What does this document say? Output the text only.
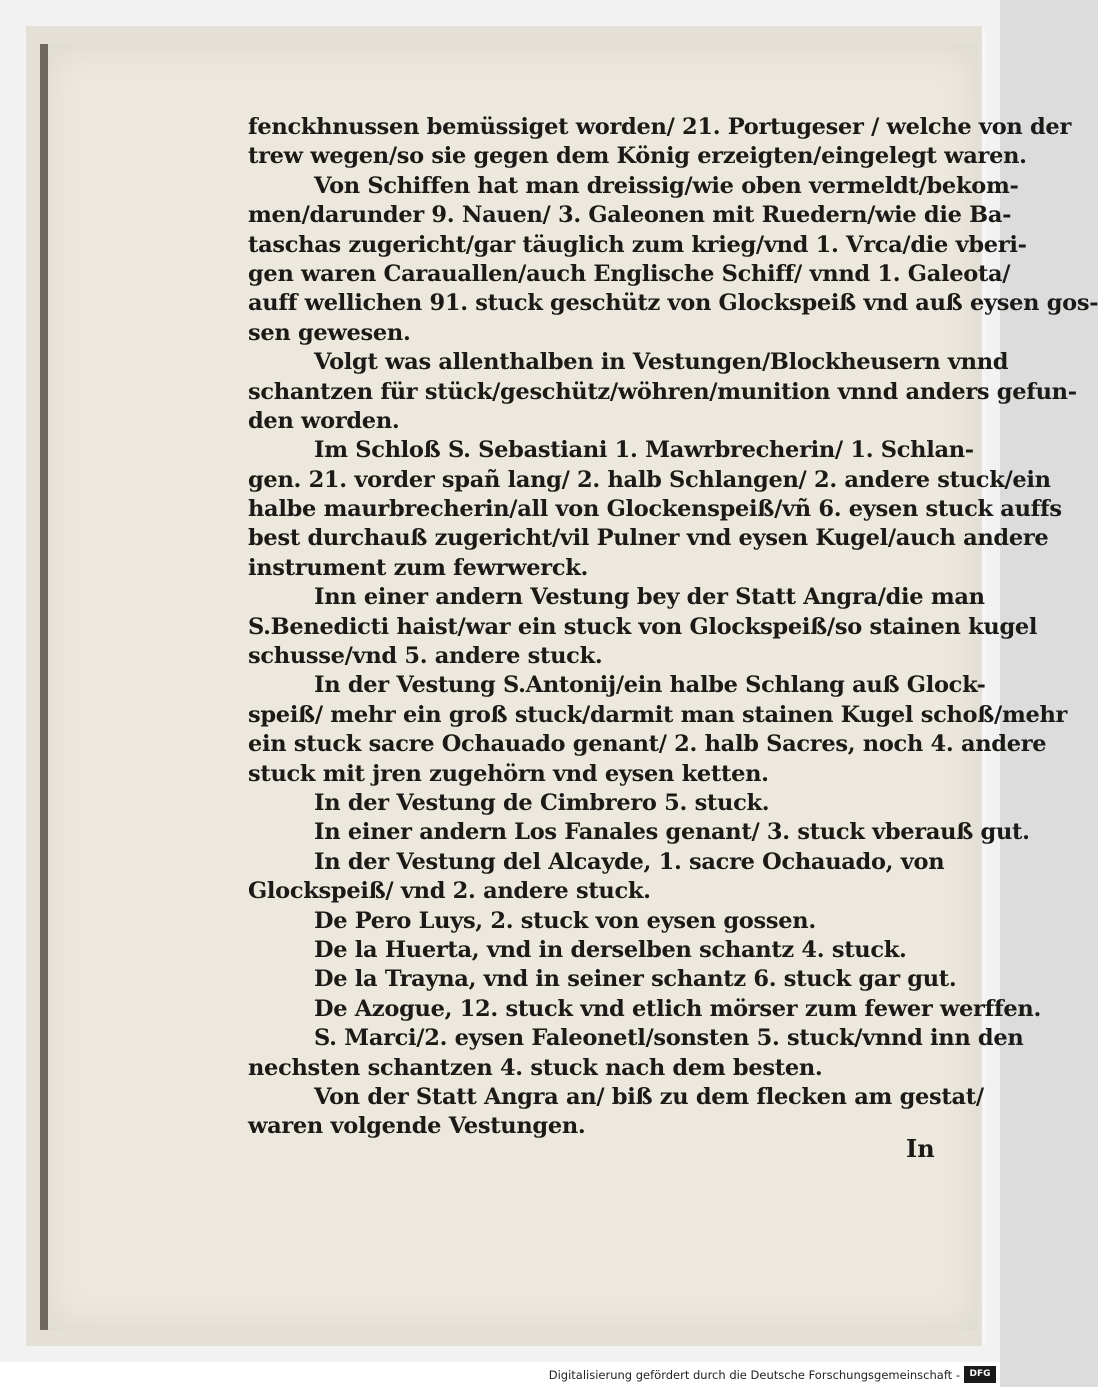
fenckhnussen bemüssiget worden/ 21. Portugeser / welche von der
trew wegen/so sie gegen dem König erzeigten/eingelegt waren.
Von Schiffen hat man dreissig/wie oben vermeldt/bekom-
men/darunder 9. Nauen/ 3. Galeonen mit Ruedern/wie die Ba-
taschas zugericht/gar täuglich zum krieg/vnd 1. Vrca/die vberi-
gen waren Carauallen/auch Englische Schiff/ vnnd 1. Galeota/
auff wellichen 91. stuck geschütz von Glockspeiß vnd auß eysen gos-
sen gewesen.
Volgt was allenthalben in Vestungen/Blockheusern vnnd
schantzen für stück/geschütz/wöhren/munition vnnd anders gefun-
den worden.
Im Schloß S. Sebastiani 1. Mawrbrecherin/ 1. Schlan-
gen. 21. vorder spañ lang/ 2. halb Schlangen/ 2. andere stuck/ein
halbe maurbrecherin/all von Glockenspeiß/vñ 6. eysen stuck auffs
best durchauß zugericht/vil Pulner vnd eysen Kugel/auch andere
instrument zum fewrwerck.
Inn einer andern Vestung bey der Statt Angra/die man
S.Benedicti haist/war ein stuck von Glockspeiß/so stainen kugel
schusse/vnd 5. andere stuck.
In der Vestung S.Antonij/ein halbe Schlang auß Glock-
speiß/ mehr ein groß stuck/darmit man stainen Kugel schoß/mehr
ein stuck sacre Ochauado genant/ 2. halb Sacres, noch 4. andere
stuck mit jren zugehörn vnd eysen ketten.
In der Vestung de Cimbrero 5. stuck.
In einer andern Los Fanales genant/ 3. stuck vberauß gut.
In der Vestung del Alcayde, 1. sacre Ochauado, von
Glockspeiß/ vnd 2. andere stuck.
De Pero Luys, 2. stuck von eysen gossen.
De la Huerta, vnd in derselben schantz 4. stuck.
De la Trayna, vnd in seiner schantz 6. stuck gar gut.
De Azogue, 12. stuck vnd etlich mörser zum fewer werffen.
S. Marci/2. eysen Faleonetl/sonsten 5. stuck/vnnd inn den
nechsten schantzen 4. stuck nach dem besten.
Von der Statt Angra an/ biß zu dem flecken am gestat/
waren volgende Vestungen.
In
Digitalisierung gefördert durch die Deutsche Forschungsgemeinschaft -	DFG
